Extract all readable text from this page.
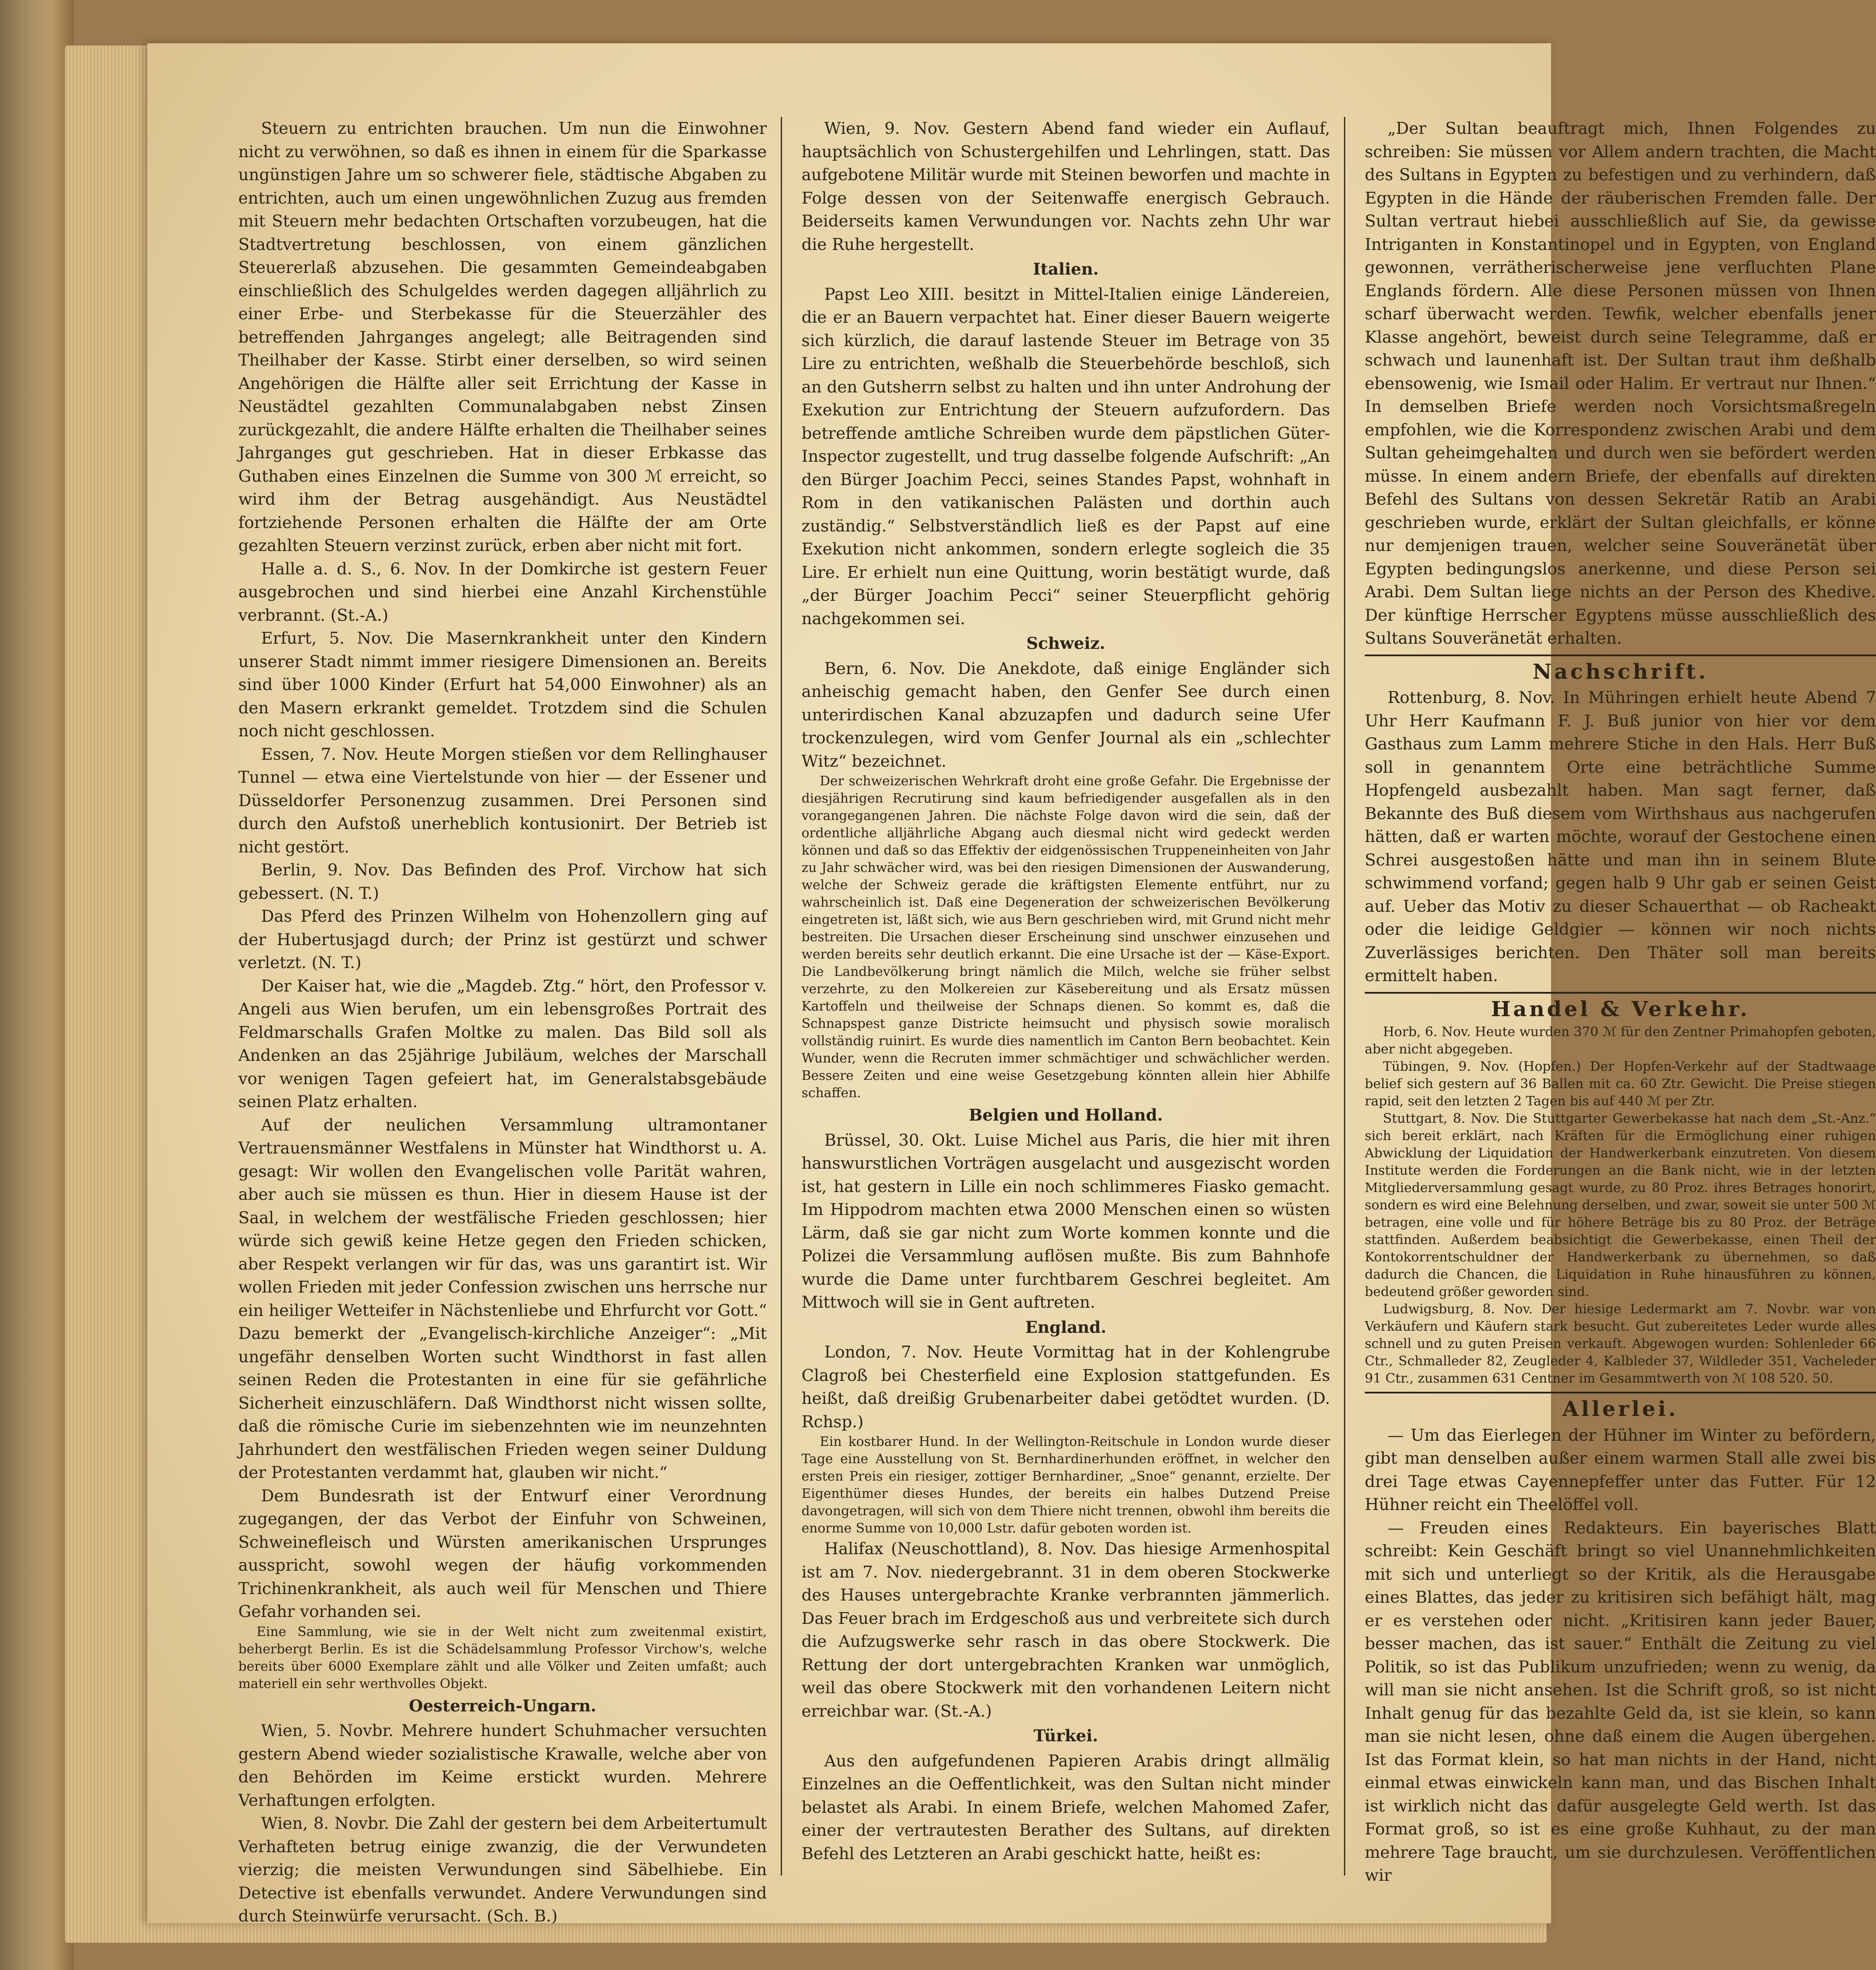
Steuern zu entrichten brauchen. Um nun die Einwohner nicht zu verwöhnen, so daß es ihnen in einem für die Sparkasse ungünstigen Jahre um so schwerer fiele, städtische Abgaben zu entrichten, auch um einen ungewöhnlichen Zuzug aus fremden mit Steuern mehr bedachten Ortschaften vorzubeugen, hat die Stadtvertretung beschlossen, von einem gänzlichen Steuererlaß abzusehen. Die gesammten Gemeindeabgaben einschließlich des Schulgeldes werden dagegen alljährlich zu einer Erbe- und Sterbekasse für die Steuerzähler des betreffenden Jahrganges angelegt; alle Beitragenden sind Theilhaber der Kasse. Stirbt einer derselben, so wird seinen Angehörigen die Hälfte aller seit Errichtung der Kasse in Neustädtel gezahlten Communalabgaben nebst Zinsen zurückgezahlt, die andere Hälfte erhalten die Theilhaber seines Jahrganges gut geschrieben. Hat in dieser Erbkasse das Guthaben eines Einzelnen die Summe von 300 ℳ erreicht, so wird ihm der Betrag ausgehändigt. Aus Neustädtel fortziehende Personen erhalten die Hälfte der am Orte gezahlten Steuern verzinst zurück, erben aber nicht mit fort.

Halle a. d. S., 6. Nov. In der Domkirche ist gestern Feuer ausgebrochen und sind hierbei eine Anzahl Kirchenstühle verbrannt. (St.-A.)

Erfurt, 5. Nov. Die Masernkrankheit unter den Kindern unserer Stadt nimmt immer riesigere Dimensionen an. Bereits sind über 1000 Kinder (Erfurt hat 54,000 Einwohner) als an den Masern erkrankt gemeldet. Trotzdem sind die Schulen noch nicht geschlossen.

Essen, 7. Nov. Heute Morgen stießen vor dem Rellinghauser Tunnel — etwa eine Viertelstunde von hier — der Essener und Düsseldorfer Personenzug zusammen. Drei Personen sind durch den Aufstoß unerheblich kontusionirt. Der Betrieb ist nicht gestört.

Berlin, 9. Nov. Das Befinden des Prof. Virchow hat sich gebessert. (N. T.)

Das Pferd des Prinzen Wilhelm von Hohenzollern ging auf der Hubertusjagd durch; der Prinz ist gestürzt und schwer verletzt. (N. T.)

Der Kaiser hat, wie die „Magdeb. Ztg.“ hört, den Professor v. Angeli aus Wien berufen, um ein lebensgroßes Portrait des Feldmarschalls Grafen Moltke zu malen. Das Bild soll als Andenken an das 25jährige Jubiläum, welches der Marschall vor wenigen Tagen gefeiert hat, im Generalstabsgebäude seinen Platz erhalten.

Auf der neulichen Versammlung ultramontaner Vertrauensmänner Westfalens in Münster hat Windthorst u. A. gesagt: Wir wollen den Evangelischen volle Parität wahren, aber auch sie müssen es thun. Hier in diesem Hause ist der Saal, in welchem der westfälische Frieden geschlossen; hier würde sich gewiß keine Hetze gegen den Frieden schicken, aber Respekt verlangen wir für das, was uns garantirt ist. Wir wollen Frieden mit jeder Confession zwischen uns herrsche nur ein heiliger Wetteifer in Nächstenliebe und Ehrfurcht vor Gott.“ Dazu bemerkt der „Evangelisch-kirchliche Anzeiger“: „Mit ungefähr denselben Worten sucht Windthorst in fast allen seinen Reden die Protestanten in eine für sie gefährliche Sicherheit einzuschläfern. Daß Windthorst nicht wissen sollte, daß die römische Curie im siebenzehnten wie im neunzehnten Jahrhundert den westfälischen Frieden wegen seiner Duldung der Protestanten verdammt hat, glauben wir nicht.“

Dem Bundesrath ist der Entwurf einer Verordnung zugegangen, der das Verbot der Einfuhr von Schweinen, Schweinefleisch und Würsten amerikanischen Ursprunges ausspricht, sowohl wegen der häufig vorkommenden Trichinenkrankheit, als auch weil für Menschen und Thiere Gefahr vorhanden sei.

Eine Sammlung, wie sie in der Welt nicht zum zweitenmal existirt, beherbergt Berlin. Es ist die Schädelsammlung Professor Virchow's, welche bereits über 6000 Exemplare zählt und alle Völker und Zeiten umfaßt; auch materiell ein sehr werthvolles Objekt.

Oesterreich-Ungarn.

Wien, 5. Novbr. Mehrere hundert Schuhmacher versuchten gestern Abend wieder sozialistische Krawalle, welche aber von den Behörden im Keime erstickt wurden. Mehrere Verhaftungen erfolgten.

Wien, 8. Novbr. Die Zahl der gestern bei dem Arbeitertumult Verhafteten betrug einige zwanzig, die der Verwundeten vierzig; die meisten Verwundungen sind Säbelhiebe. Ein Detective ist ebenfalls verwundet. Andere Verwundungen sind durch Steinwürfe verursacht. (Sch. B.)

Wien, 9. Nov. Gestern Abend fand wieder ein Auflauf, hauptsächlich von Schustergehilfen und Lehrlingen, statt. Das aufgebotene Militär wurde mit Steinen beworfen und machte in Folge dessen von der Seitenwaffe energisch Gebrauch. Beiderseits kamen Verwundungen vor. Nachts zehn Uhr war die Ruhe hergestellt.

Italien.

Papst Leo XIII. besitzt in Mittel-Italien einige Ländereien, die er an Bauern verpachtet hat. Einer dieser Bauern weigerte sich kürzlich, die darauf lastende Steuer im Betrage von 35 Lire zu entrichten, weßhalb die Steuerbehörde beschloß, sich an den Gutsherrn selbst zu halten und ihn unter Androhung der Exekution zur Entrichtung der Steuern aufzufordern. Das betreffende amtliche Schreiben wurde dem päpstlichen Güter-Inspector zugestellt, und trug dasselbe folgende Aufschrift: „An den Bürger Joachim Pecci, seines Standes Papst, wohnhaft in Rom in den vatikanischen Palästen und dorthin auch zuständig.“ Selbstverständlich ließ es der Papst auf eine Exekution nicht ankommen, sondern erlegte sogleich die 35 Lire. Er erhielt nun eine Quittung, worin bestätigt wurde, daß „der Bürger Joachim Pecci“ seiner Steuerpflicht gehörig nachgekommen sei.

Schweiz.

Bern, 6. Nov. Die Anekdote, daß einige Engländer sich anheischig gemacht haben, den Genfer See durch einen unterirdischen Kanal abzuzapfen und dadurch seine Ufer trockenzulegen, wird vom Genfer Journal als ein „schlechter Witz“ bezeichnet.

Der schweizerischen Wehrkraft droht eine große Gefahr. Die Ergebnisse der diesjährigen Recrutirung sind kaum befriedigender ausgefallen als in den vorangegangenen Jahren. Die nächste Folge davon wird die sein, daß der ordentliche alljährliche Abgang auch diesmal nicht wird gedeckt werden können und daß so das Effektiv der eidgenössischen Truppeneinheiten von Jahr zu Jahr schwächer wird, was bei den riesigen Dimensionen der Auswanderung, welche der Schweiz gerade die kräftigsten Elemente entführt, nur zu wahrscheinlich ist. Daß eine Degeneration der schweizerischen Bevölkerung eingetreten ist, läßt sich, wie aus Bern geschrieben wird, mit Grund nicht mehr bestreiten. Die Ursachen dieser Erscheinung sind unschwer einzusehen und werden bereits sehr deutlich erkannt. Die eine Ursache ist der — Käse-Export. Die Landbevölkerung bringt nämlich die Milch, welche sie früher selbst verzehrte, zu den Molkereien zur Käsebereitung und als Ersatz müssen Kartoffeln und theilweise der Schnaps dienen. So kommt es, daß die Schnapspest ganze Districte heimsucht und physisch sowie moralisch vollständig ruinirt. Es wurde dies namentlich im Canton Bern beobachtet. Kein Wunder, wenn die Recruten immer schmächtiger und schwächlicher werden. Bessere Zeiten und eine weise Gesetzgebung könnten allein hier Abhilfe schaffen.

Belgien und Holland.

Brüssel, 30. Okt. Luise Michel aus Paris, die hier mit ihren hanswurstlichen Vorträgen ausgelacht und ausgezischt worden ist, hat gestern in Lille ein noch schlimmeres Fiasko gemacht. Im Hippodrom machten etwa 2000 Menschen einen so wüsten Lärm, daß sie gar nicht zum Worte kommen konnte und die Polizei die Versammlung auflösen mußte. Bis zum Bahnhofe wurde die Dame unter furchtbarem Geschrei begleitet. Am Mittwoch will sie in Gent auftreten.

England.

London, 7. Nov. Heute Vormittag hat in der Kohlengrube Clagroß bei Chesterfield eine Explosion stattgefunden. Es heißt, daß dreißig Grubenarbeiter dabei getödtet wurden. (D. Rchsp.)

Ein kostbarer Hund. In der Wellington-Reitschule in London wurde dieser Tage eine Ausstellung von St. Bernhardinerhunden eröffnet, in welcher den ersten Preis ein riesiger, zottiger Bernhardiner, „Snoe“ genannt, erzielte. Der Eigenthümer dieses Hundes, der bereits ein halbes Dutzend Preise davongetragen, will sich von dem Thiere nicht trennen, obwohl ihm bereits die enorme Summe von 10,000 Lstr. dafür geboten worden ist.

Halifax (Neuschottland), 8. Nov. Das hiesige Armenhospital ist am 7. Nov. niedergebrannt. 31 in dem oberen Stockwerke des Hauses untergebrachte Kranke verbrannten jämmerlich. Das Feuer brach im Erdgeschoß aus und verbreitete sich durch die Aufzugswerke sehr rasch in das obere Stockwerk. Die Rettung der dort untergebrachten Kranken war unmöglich, weil das obere Stockwerk mit den vorhandenen Leitern nicht erreichbar war. (St.-A.)

Türkei.

Aus den aufgefundenen Papieren Arabis dringt allmälig Einzelnes an die Oeffentlichkeit, was den Sultan nicht minder belastet als Arabi. In einem Briefe, welchen Mahomed Zafer, einer der vertrautesten Berather des Sultans, auf direkten Befehl des Letzteren an Arabi geschickt hatte, heißt es:

„Der Sultan beauftragt mich, Ihnen Folgendes zu schreiben: Sie müssen vor Allem andern trachten, die Macht des Sultans in Egypten zu befestigen und zu verhindern, daß Egypten in die Hände der räuberischen Fremden falle. Der Sultan vertraut hiebei ausschließlich auf Sie, da gewisse Intriganten in Konstantinopel und in Egypten, von England gewonnen, verrätherischerweise jene verfluchten Plane Englands fördern. Alle diese Personen müssen von Ihnen scharf überwacht werden. Tewfik, welcher ebenfalls jener Klasse angehört, beweist durch seine Telegramme, daß er schwach und launenhaft ist. Der Sultan traut ihm deßhalb ebensowenig, wie Ismail oder Halim. Er vertraut nur Ihnen.“ In demselben Briefe werden noch Vorsichtsmaßregeln empfohlen, wie die Korrespondenz zwischen Arabi und dem Sultan geheimgehalten und durch wen sie befördert werden müsse. In einem andern Briefe, der ebenfalls auf direkten Befehl des Sultans von dessen Sekretär Ratib an Arabi geschrieben wurde, erklärt der Sultan gleichfalls, er könne nur demjenigen trauen, welcher seine Souveränetät über Egypten bedingungslos anerkenne, und diese Person sei Arabi. Dem Sultan liege nichts an der Person des Khedive. Der künftige Herrscher Egyptens müsse ausschließlich des Sultans Souveränetät erhalten.

Nachschrift.

Rottenburg, 8. Nov. In Mühringen erhielt heute Abend 7 Uhr Herr Kaufmann F. J. Buß junior von hier vor dem Gasthaus zum Lamm mehrere Stiche in den Hals. Herr Buß soll in genanntem Orte eine beträchtliche Summe Hopfengeld ausbezahlt haben. Man sagt ferner, daß Bekannte des Buß diesem vom Wirthshaus aus nachgerufen hätten, daß er warten möchte, worauf der Gestochene einen Schrei ausgestoßen hätte und man ihn in seinem Blute schwimmend vorfand; gegen halb 9 Uhr gab er seinen Geist auf. Ueber das Motiv zu dieser Schauerthat — ob Racheakt oder die leidige Geldgier — können wir noch nichts Zuverlässiges berichten. Den Thäter soll man bereits ermittelt haben.

Handel & Verkehr.

Horb, 6. Nov. Heute wurden 370 ℳ für den Zentner Primahopfen geboten, aber nicht abgegeben.

Tübingen, 9. Nov. (Hopfen.) Der Hopfen-Verkehr auf der Stadtwaage belief sich gestern auf 36 Ballen mit ca. 60 Ztr. Gewicht. Die Preise stiegen rapid, seit den letzten 2 Tagen bis auf 440 ℳ per Ztr.

Stuttgart, 8. Nov. Die Stuttgarter Gewerbekasse hat nach dem „St.-Anz.“ sich bereit erklärt, nach Kräften für die Ermöglichung einer ruhigen Abwicklung der Liquidation der Handwerkerbank einzutreten. Von diesem Institute werden die Forderungen an die Bank nicht, wie in der letzten Mitgliederversammlung gesagt wurde, zu 80 Proz. ihres Betrages honorirt, sondern es wird eine Belehnung derselben, und zwar, soweit sie unter 500 ℳ betragen, eine volle und für höhere Beträge bis zu 80 Proz. der Beträge stattfinden. Außerdem beabsichtigt die Gewerbekasse, einen Theil der Kontokorrentschuldner der Handwerkerbank zu übernehmen, so daß dadurch die Chancen, die Liquidation in Ruhe hinausführen zu können, bedeutend größer geworden sind.

Ludwigsburg, 8. Nov. Der hiesige Ledermarkt am 7. Novbr. war von Verkäufern und Käufern stark besucht. Gut zubereitetes Leder wurde alles schnell und zu guten Preisen verkauft. Abgewogen wurden: Sohlenleder 66 Ctr., Schmalleder 82, Zeugleder 4, Kalbleder 37, Wildleder 351, Vacheleder 91 Ctr., zusammen 631 Centner im Gesammtwerth von ℳ 108 520. 50.

Allerlei.

— Um das Eierlegen der Hühner im Winter zu befördern, gibt man denselben außer einem warmen Stall alle zwei bis drei Tage etwas Cayennepfeffer unter das Futter. Für 12 Hühner reicht ein Theelöffel voll.

— Freuden eines Redakteurs. Ein bayerisches Blatt schreibt: Kein Geschäft bringt so viel Unannehmlichkeiten mit sich und unterliegt so der Kritik, als die Herausgabe eines Blattes, das jeder zu kritisiren sich befähigt hält, mag er es verstehen oder nicht. „Kritisiren kann jeder Bauer, besser machen, das ist sauer.“ Enthält die Zeitung zu viel Politik, so ist das Publikum unzufrieden; wenn zu wenig, da will man sie nicht ansehen. Ist die Schrift groß, so ist nicht Inhalt genug für das bezahlte Geld da, ist sie klein, so kann man sie nicht lesen, ohne daß einem die Augen übergehen. Ist das Format klein, so hat man nichts in der Hand, nicht einmal etwas einwickeln kann man, und das Bischen Inhalt ist wirklich nicht das dafür ausgelegte Geld werth. Ist das Format groß, so ist es eine große Kuhhaut, zu der man mehrere Tage braucht, um sie durchzulesen. Veröffentlichen wir
